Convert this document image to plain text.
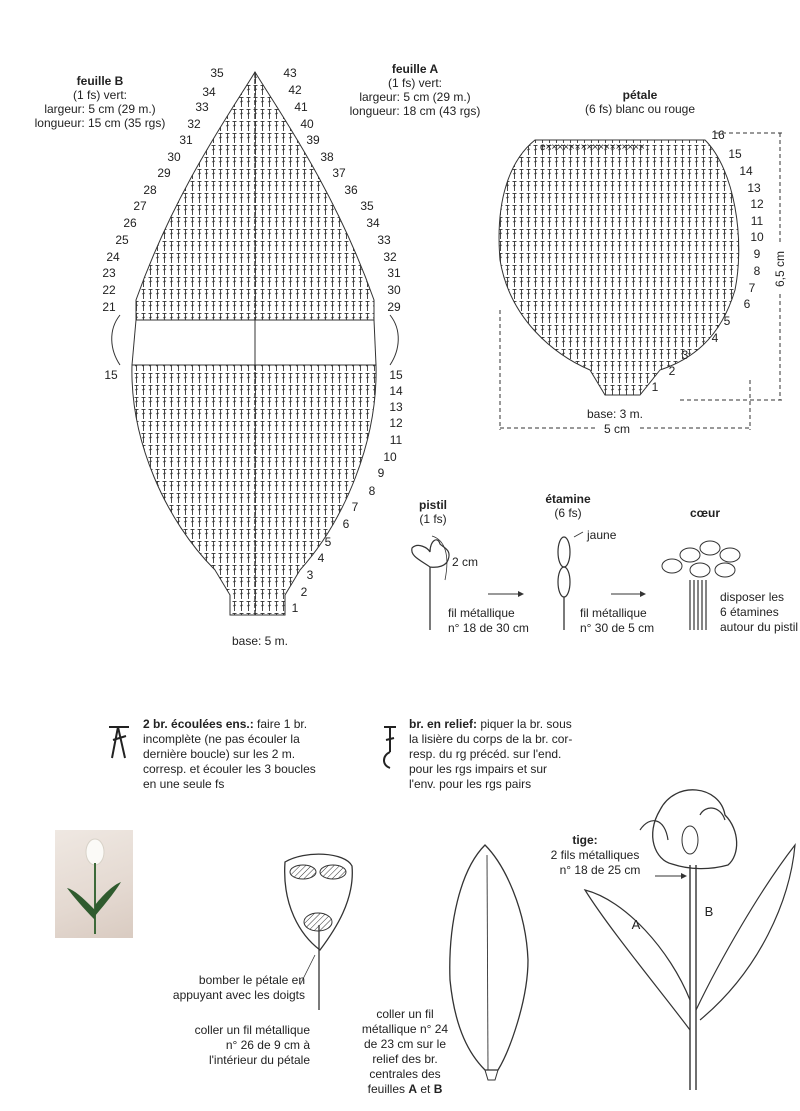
feuille B
(1 fs) vert:
largeur: 5 cm (29 m.)
longueur: 15 cm (35 rgs)
feuille A
(1 fs) vert:
largeur: 5 cm (29 m.)
longueur: 18 cm (43 rgs)
e×××××××××××××××××
35
34
33
32
31
30
29
28
27
26
25
24
23
22
21
15
43
42
41
40
39
38
37
36
35
34
33
32
31
30
29
15
14
13
12
11
10
9
8
7
6
5
4
3
2
1
base: 5 m.
pétale
(6 fs) blanc ou rouge
16
15
14
13
12
11
10
9
8
7
6
5
4
3
2
1
base: 3 m.
5 cm
6,5 cm
pistil
(1 fs)
2 cm
fil métallique
n° 18 de 30 cm
étamine
(6 fs)
jaune
fil métallique
n° 30 de 5 cm
cœur
disposer les
6 étamines
autour du pistil
2 br. écoulées ens.: faire 1 br.
incomplète (ne pas écouler la
dernière boucle) sur les 2 m.
corresp. et écouler les 3 boucles
en une seule fs
br. en relief: piquer la br. sous
la lisière du corps de la br. cor-
resp. du rg précéd. sur l'end.
pour les rgs impairs et sur
l'env. pour les rgs pairs
bomber le pétale en
appuyant avec les doigts
coller un fil métallique
n° 26 de 9 cm à
l'intérieur du pétale
coller un fil
métallique n° 24
de 23 cm sur le
relief des br.
centrales des
feuilles A et B
tige:
2 fils métalliques
n° 18 de 25 cm
A
B
